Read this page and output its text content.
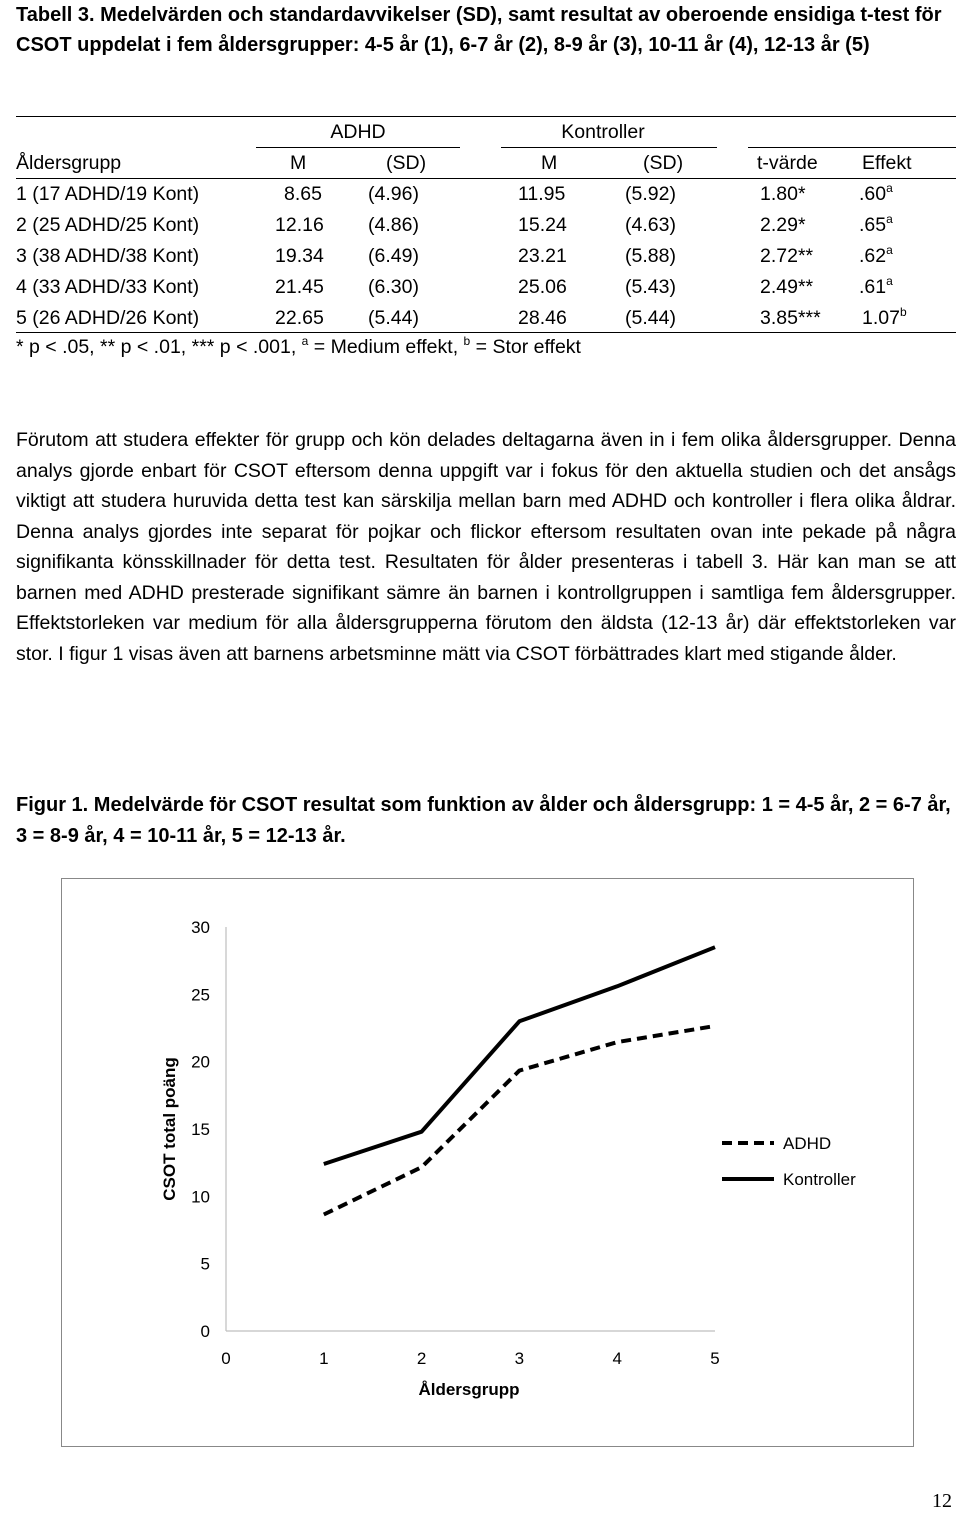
Tabell 3. Medelvärden och standardavvikelser (SD), samt resultat av oberoende ensidiga t-test för CSOT uppdelat i fem åldersgrupper: 4-5 år (1), 6-7 år (2), 8-9 år (3), 10-11 år (4), 12-13 år (5)
ADHD	Kontroller
Åldersgrupp	M	(SD)	M	(SD)	t-värde Effekt
1 (17 ADHD/19 Kont)	8.65 (4.96)	11.95	(5.92)	1.80*	.60$^a$
2 (25 ADHD/25 Kont)	12.16 (4.86)	15.24	(4.63)	2.29*	.65$^a$
3 (38 ADHD/38 Kont)	19.34 (6.49)	23.21	(5.88)	2.72** .62$^a$
4 (33 ADHD/33 Kont)	21.45 (6.30)	25.06	(5.43)	2.49** .61$^a$
5 (26 ADHD/26 Kont)	22.65 (5.44)	28.46	(5.44)	3.85*** 1.07$^b$
* p < .05, ** p < .01, *** p < .001, $^a$ = Medium effekt, $^b$ = Stor effekt
Förutom att studera effekter för grupp och kön delades deltagarna även in i fem olika åldersgrupper. Denna analys gjorde enbart för CSOT eftersom denna uppgift var i fokus för den aktuella studien och det ansågs viktigt att studera huruvida detta test kan särskilja mellan barn med ADHD och kontroller i flera olika åldrar. Denna analys gjordes inte separat för pojkar och flickor eftersom resultaten ovan inte pekade på några signifikanta könsskillnader för detta test. Resultaten för ålder presenteras i tabell 3. Här kan man se att barnen med ADHD presterade signifikant sämre än barnen i kontrollgruppen i samtliga fem åldersgrupper. Effektstorleken var medium för alla åldersgrupperna förutom den äldsta (12-13 år) där effektstorleken var stor. I figur 1 visas även att barnens arbetsminne mätt via CSOT förbättrades klart med stigande ålder.
Figur 1. Medelvärde för CSOT resultat som funktion av ålder och åldersgrupp: 1 = 4-5 år, 2 = 6-7 år, 3 = 8-9 år, 4 = 10-11 år, 5 = 12-13 år.
0
5
10
15
20
25
30
0	1	2	3	4	5
CSOT total poäng
Åldersgrupp
ADHD
Kontroller
12
